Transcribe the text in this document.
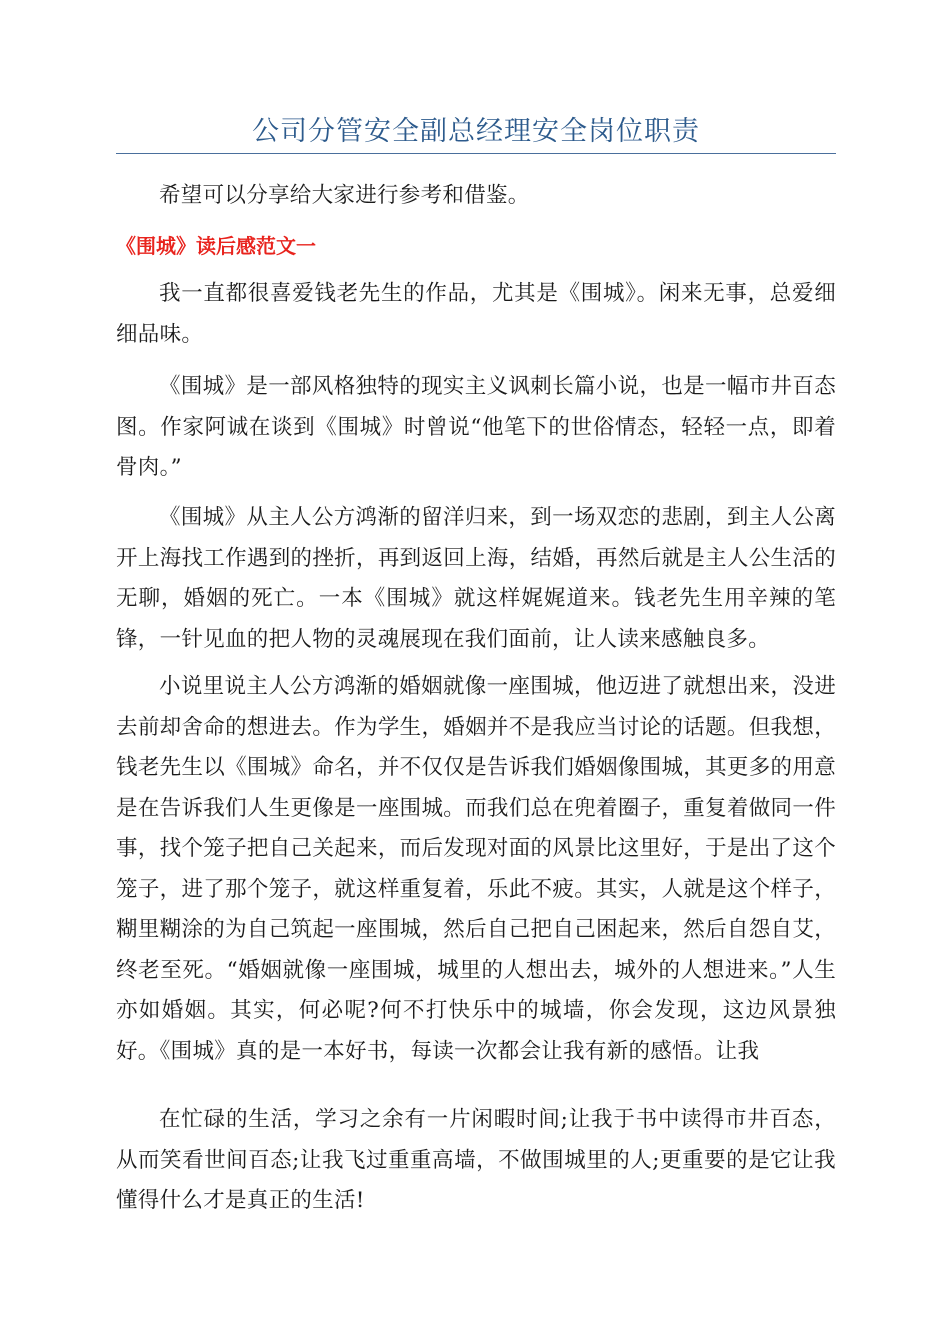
公司分管安全副总经理安全岗位职责

希望可以分享给大家进行参考和借鉴。

《围城》读后感范文一

我一直都很喜爱钱老先生的作品，尤其是《围城》。闲来无事，总爱细细品味。

《围城》是一部风格独特的现实主义讽刺长篇小说，也是一幅市井百态图。作家阿诚在谈到《围城》时曾说“他笔下的世俗情态，轻轻一点，即着骨肉。”

《围城》从主人公方鸿渐的留洋归来，到一场双恋的悲剧，到主人公离开上海找工作遇到的挫折，再到返回上海，结婚，再然后就是主人公生活的无聊，婚姻的死亡。一本《围城》就这样娓娓道来。钱老先生用辛辣的笔锋，一针见血的把人物的灵魂展现在我们面前，让人读来感触良多。

小说里说主人公方鸿渐的婚姻就像一座围城，他迈进了就想出来，没进去前却舍命的想进去。作为学生，婚姻并不是我应当讨论的话题。但我想，钱老先生以《围城》命名，并不仅仅是告诉我们婚姻像围城，其更多的用意是在告诉我们人生更像是一座围城。而我们总在兜着圈子，重复着做同一件事，找个笼子把自己关起来，而后发现对面的风景比这里好，于是出了这个笼子，进了那个笼子，就这样重复着，乐此不疲。其实，人就是这个样子，糊里糊涂的为自己筑起一座围城，然后自己把自己困起来，然后自怨自艾，终老至死。“婚姻就像一座围城，城里的人想出去，城外的人想进来。”人生亦如婚姻。其实，何必呢?何不打快乐中的城墙，你会发现，这边风景独好。《围城》真的是一本好书，每读一次都会让我有新的感悟。让我

在忙碌的生活，学习之余有一片闲暇时间;让我于书中读得市井百态，从而笑看世间百态;让我飞过重重高墙，不做围城里的人;更重要的是它让我懂得什么才是真正的生活!
